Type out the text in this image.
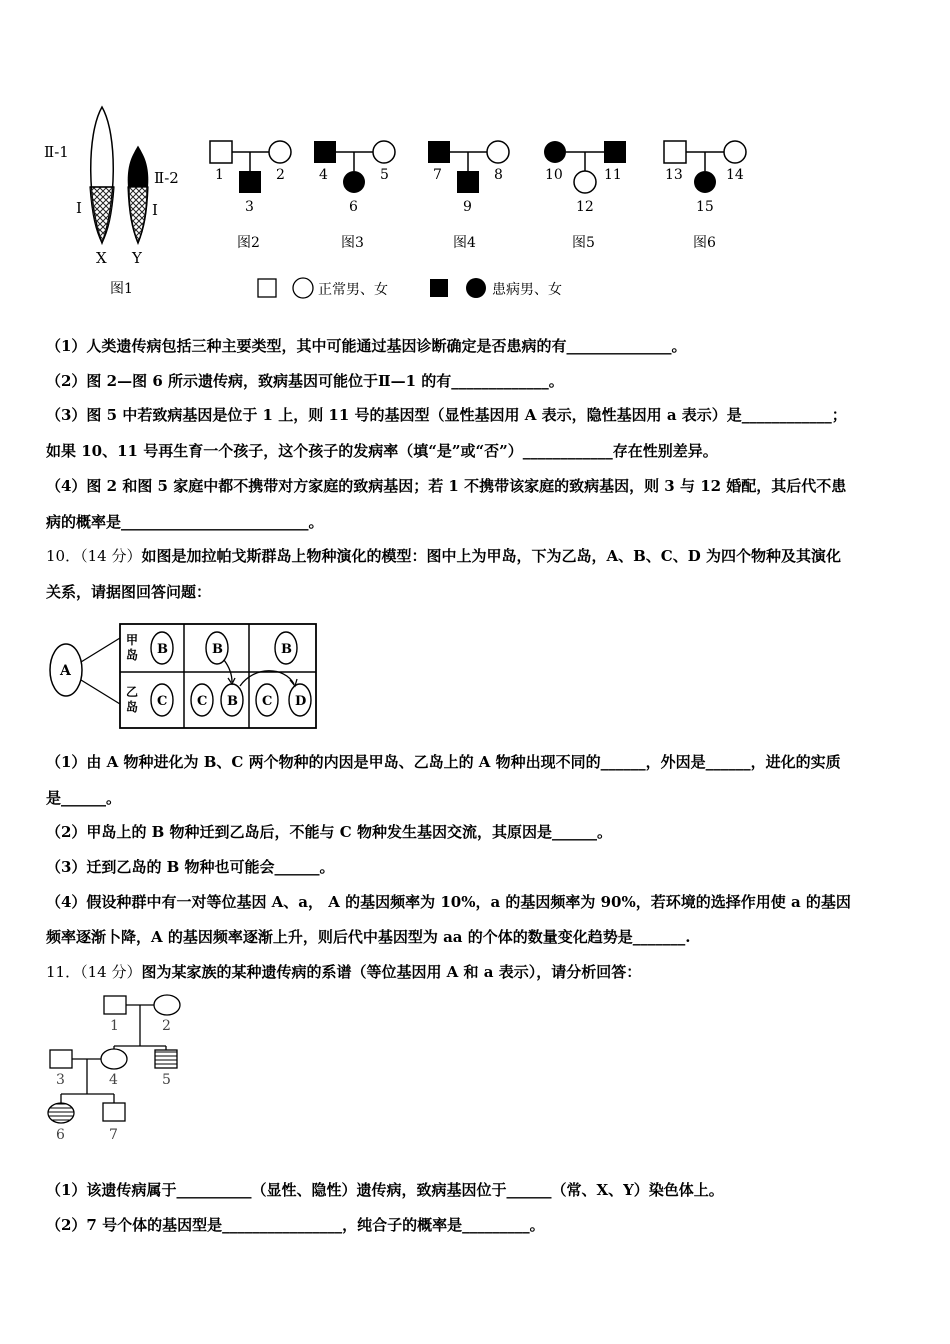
Ⅱ-1
Ⅱ-2
Ⅰ	Ⅰ
X Y
图1
1	2
3
图2
4	5
6
图3
7	8
9
图4
10	11
12
图5
13	14
15
图6
正常男、女	患病男、女
（1）人类遗传病包括三种主要类型，其中可能通过基因诊断确定是否患病的有______________。
（2）图 2—图 6 所示遗传病，致病基因可能位于Ⅱ—1 的有_____________。
（3）图 5 中若致病基因是位于 1 上，则 11 号的基因型（显性基因用 A 表示，隐性基因用 a 表示）是____________；
如果 10、11 号再生育一个孩子，这个孩子的发病率（填“是”或“否”）____________存在性别差异。
（4）图 2 和图 5 家庭中都不携带对方家庭的致病基因；若 1 不携带该家庭的致病基因，则 3 与 12 婚配，其后代不患
病的概率是_________________________。
10．（14 分）如图是加拉帕戈斯群岛上物种演化的模型：图中上为甲岛，下为乙岛，A、B、C、D 为四个物种及其演化
关系，请据图回答问题：
A
甲
岛
乙
岛
B	B	B
C C B C D
（1）由 A 物种进化为 B、C 两个物种的内因是甲岛、乙岛上的 A 物种出现不同的______，外因是______，进化的实质
是______。
（2）甲岛上的 B 物种迁到乙岛后，不能与 C 物种发生基因交流，其原因是______。
（3）迁到乙岛的 B 物种也可能会______。
（4）假设种群中有一对等位基因 A、a， A 的基因频率为 10%，a 的基因频率为 90%，若环境的选择作用使 a 的基因
频率逐渐卜降，A 的基因频率逐渐上升，则后代中基因型为 aa 的个体的数量变化趋势是_______.
11．（14 分）图为某家族的某种遗传病的系谱（等位基因用 A 和 a 表示），请分析回答：
1	2
3	4	5
6	7
（1）该遗传病属于__________（显性、隐性）遗传病，致病基因位于______（常、X、Y）染色体上。
（2）7 号个体的基因型是________________，纯合子的概率是_________。
